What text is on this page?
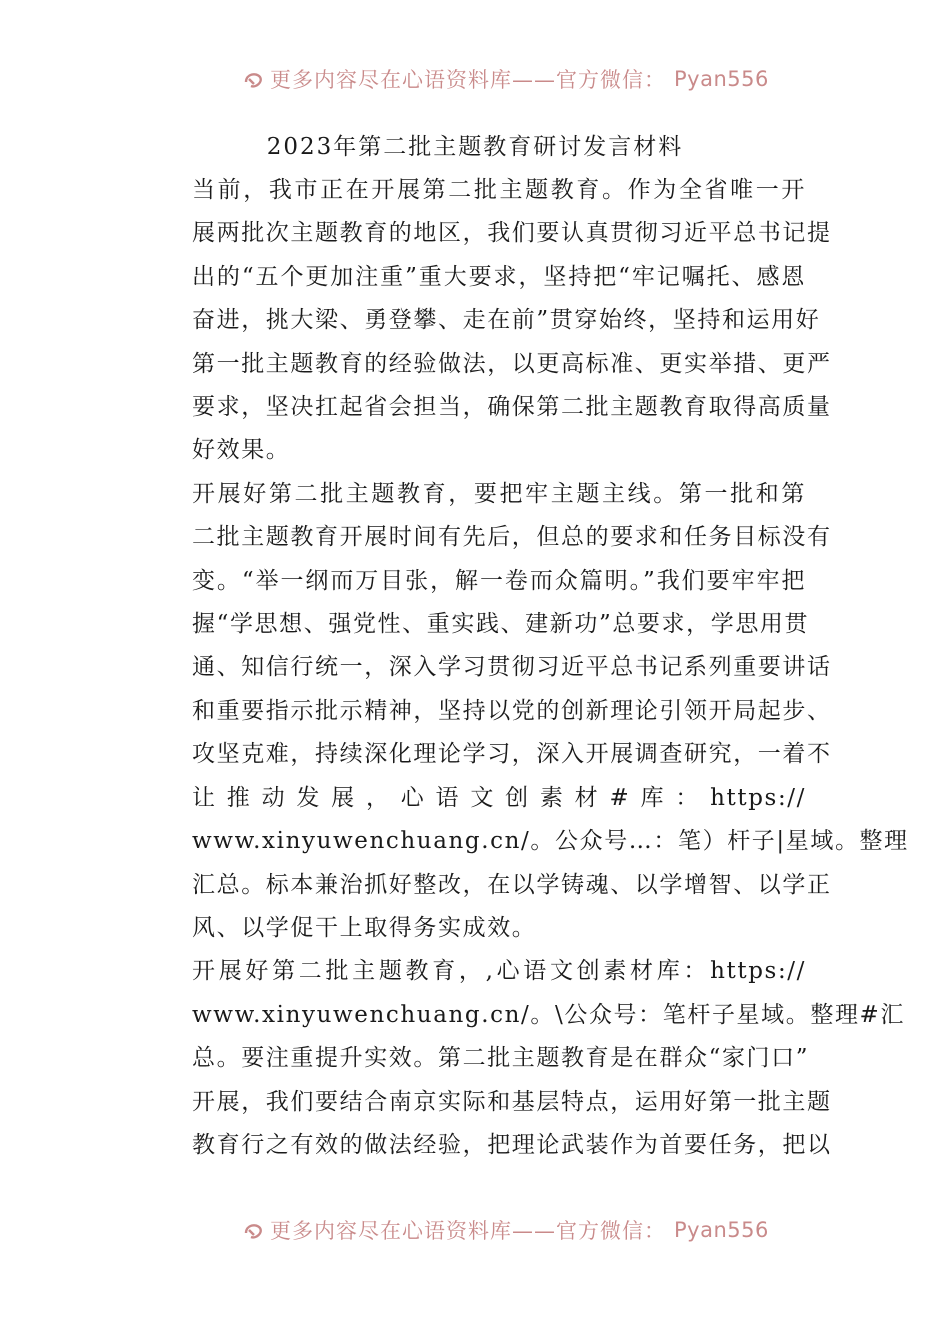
更多内容尽在心语资料库——官方微信： Pyan556
2023年第二批主题教育研讨发言材料

当前，我市正在开展第二批主题教育。作为全省唯一开
展两批次主题教育的地区，我们要认真贯彻习近平总书记提
出的“五个更加注重”重大要求，坚持把“牢记嘱托、感恩
奋进，挑大梁、勇登攀、走在前”贯穿始终，坚持和运用好
第一批主题教育的经验做法，以更高标准、更实举措、更严
要求，坚决扛起省会担当，确保第二批主题教育取得高质量
好效果。

开展好第二批主题教育，要把牢主题主线。第一批和第
二批主题教育开展时间有先后，但总的要求和任务目标没有
变。“举一纲而万目张，解一卷而众篇明。”我们要牢牢把
握“学思想、强党性、重实践、建新功”总要求，学思用贯
通、知信行统一，深入学习贯彻习近平总书记系列重要讲话
和重要指示批示精神，坚持以党的创新理论引领开局起步、
攻坚克难，持续深化理论学习，深入开展调查研究，一着不
让推动发展，心语文创素材#库：https://
www.xinyuwenchuang.cn/。公众号…：笔）杆子|星域。整理
汇总。标本兼治抓好整改，在以学铸魂、以学增智、以学正
风、以学促干上取得务实成效。

开展好第二批主题教育，,心语文创素材库：https://
www.xinyuwenchuang.cn/。\公众号：笔杆子星域。整理#汇
总。要注重提升实效。第二批主题教育是在群众“家门口”
开展，我们要结合南京实际和基层特点，运用好第一批主题
教育行之有效的做法经验，把理论武装作为首要任务，把以

更多内容尽在心语资料库——官方微信： Pyan556
